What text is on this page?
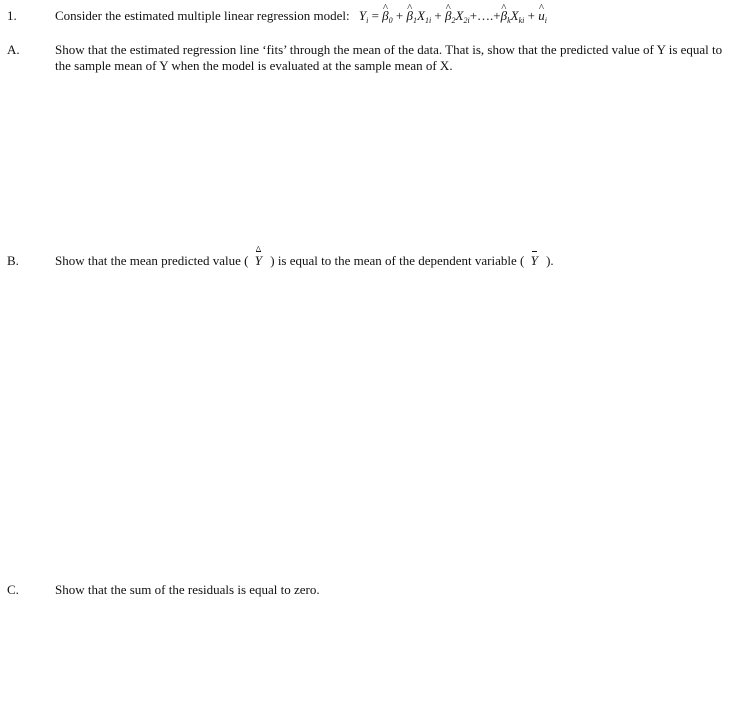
1.	Consider the estimated multiple linear regression model: $Y_i$ = ^ $\beta_0$ + ^ $\beta_1X_{1i}$ + ^ $\beta_2X_{2i}+\dots.+\^{}$ $\beta_kX_{ki}$ + ^ $u_i$
A.	Show that the estimated regression line ‘fits’ through the mean of the data. That is, show that the predicted value of Y is equal to the sample mean of Y when the model is evaluated at the sample mean of X.
B.	Show that the mean predicted value ( ^ Y ) is equal to the mean of the dependent variable ( Y ).
C.	Show that the sum of the residuals is equal to zero.
